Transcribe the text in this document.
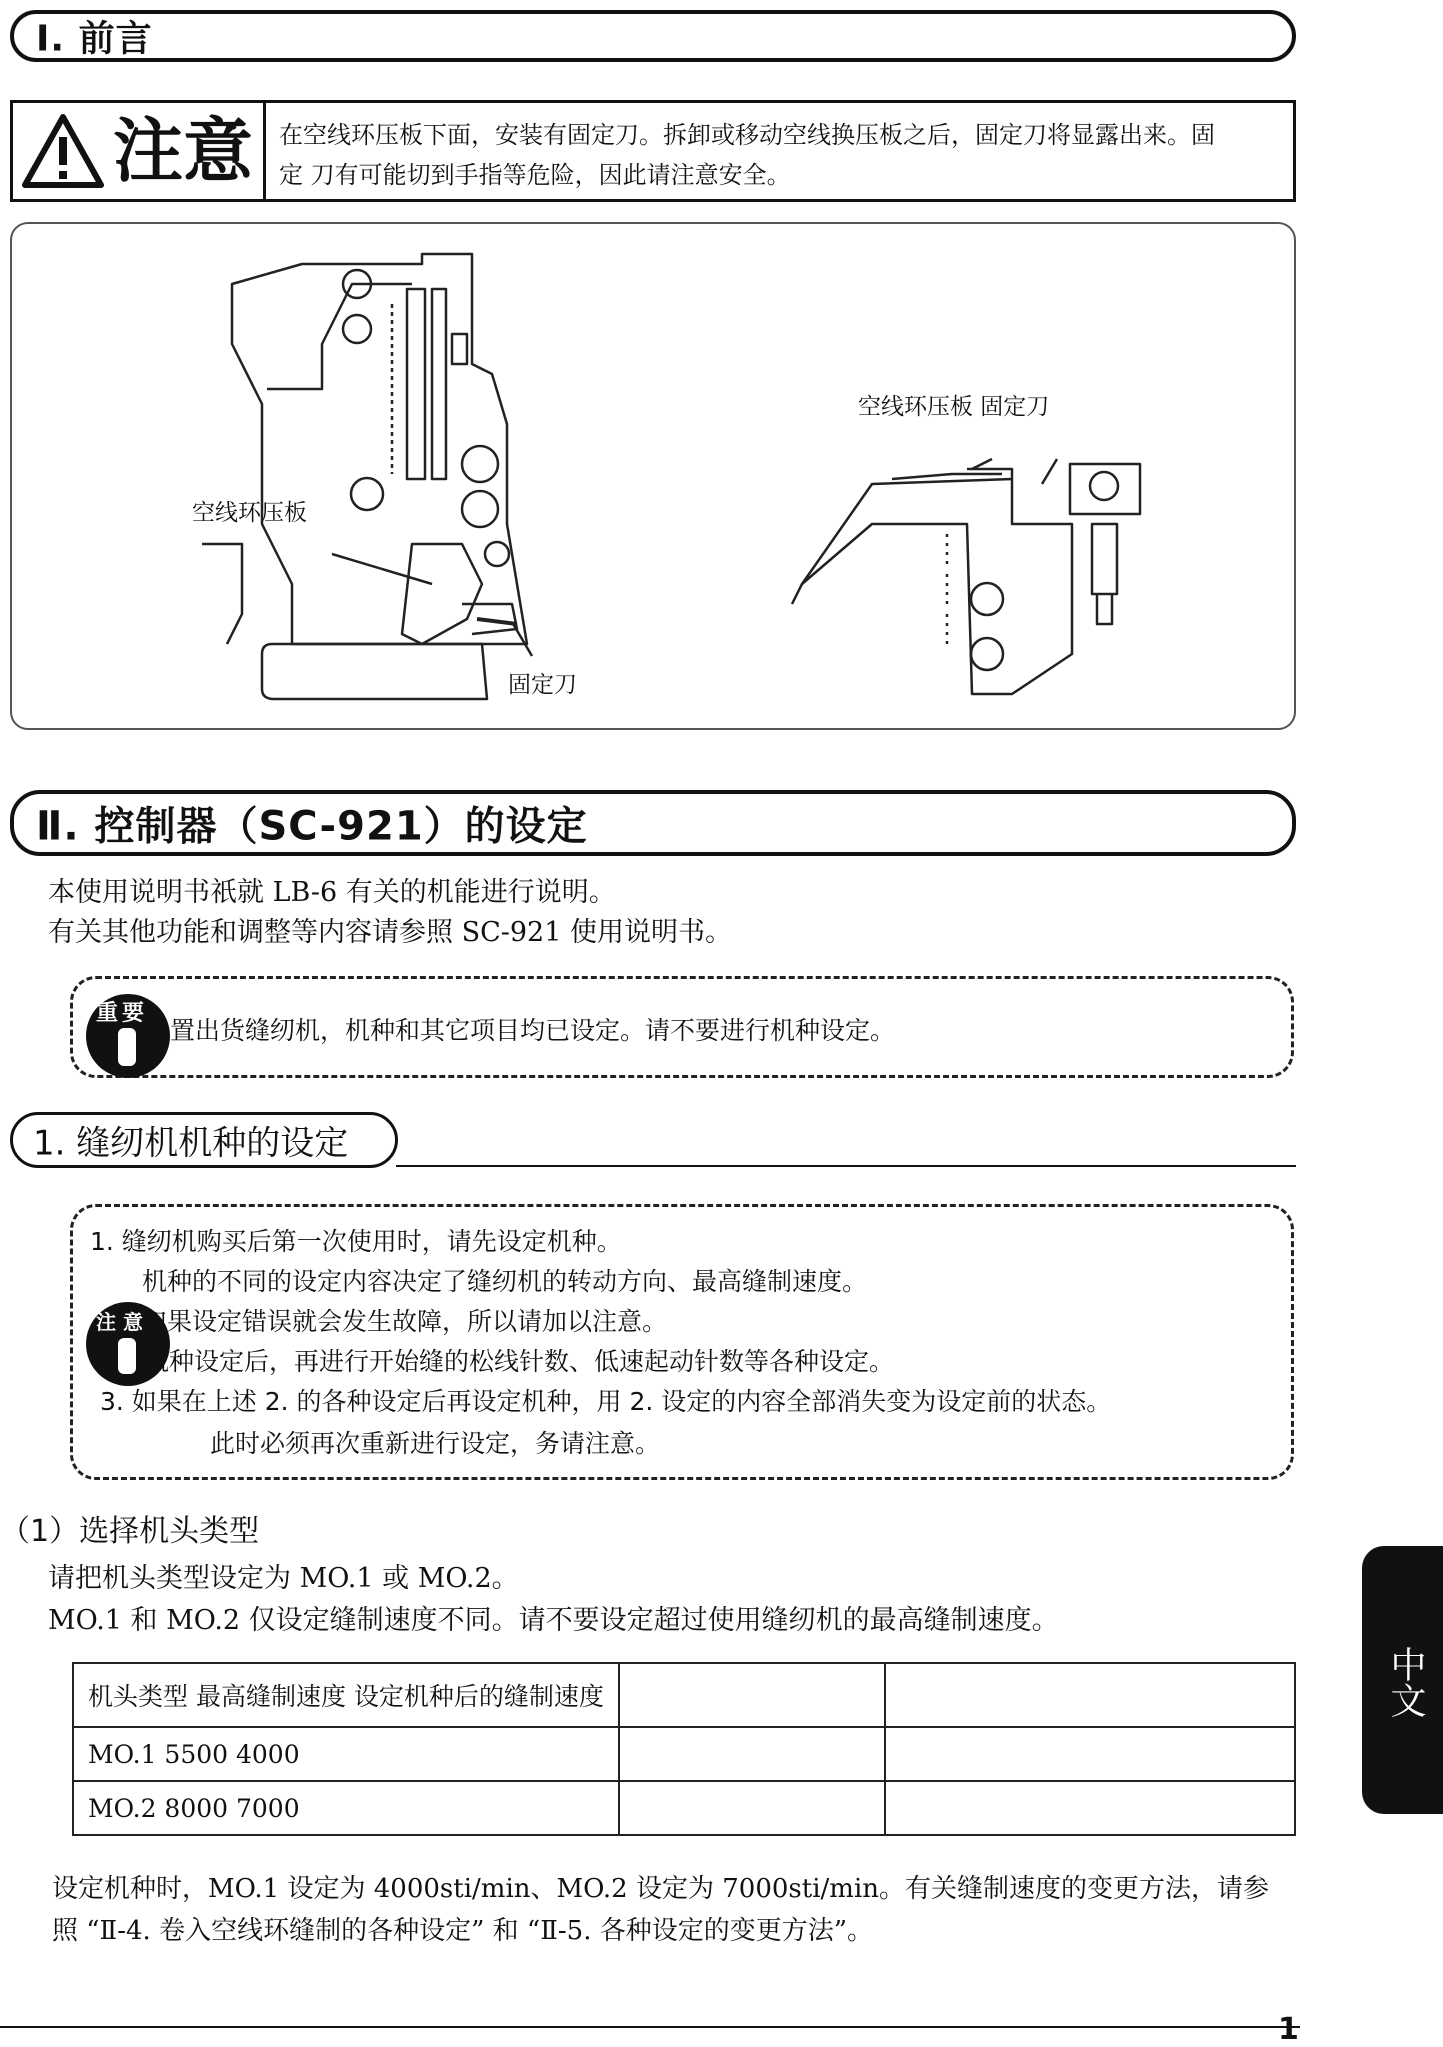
Ⅰ. 前言
注意 在空线环压板下面，安装有固定刀。拆卸或移动空线换压板之后，固定刀将显露出来。固
定 刀有可能切到手指等危险，因此请注意安全。
空线环压板
固定刀
空线环压板 固定刀
Ⅱ. 控制器（SC-921）的设定
本使用说明书祇就 LB-6 有关的机能进行说明。
有关其他功能和调整等内容请参照 SC-921 使用说明书。
重要
置出货缝纫机，机种和其它项目均已设定。请不要进行机种设定。
1. 缝纫机机种的设定
注 意
1. 缝纫机购买后第一次使用时，请先设定机种。
机种的不同的设定内容决定了缝纫机的转动方向、最高缝制速度。
如果设定错误就会发生故障，所以请加以注意。
2. 机种设定后，再进行开始缝的松线针数、低速起动针数等各种设定。
3. 如果在上述 2. 的各种设定后再设定机种，用 2. 设定的内容全部消失变为设定前的状态。
此时必须再次重新进行设定，务请注意。
（1）选择机头类型
请把机头类型设定为 MO.1 或 MO.2。
MO.1 和 MO.2 仅设定缝制速度不同。请不要设定超过使用缝纫机的最高缝制速度。
机头类型 最高缝制速度 设定机种后的缝制速度		
MO.1 5500 4000		
MO.2 8000 7000		
设定机种时，MO.1 设定为 4000sti/min、MO.2 设定为 7000sti/min。有关缝制速度的变更方法，请参
照 “Ⅱ-4. 卷入空线环缝制的各种设定” 和 “Ⅱ-5. 各种设定的变更方法”。
中文
1
